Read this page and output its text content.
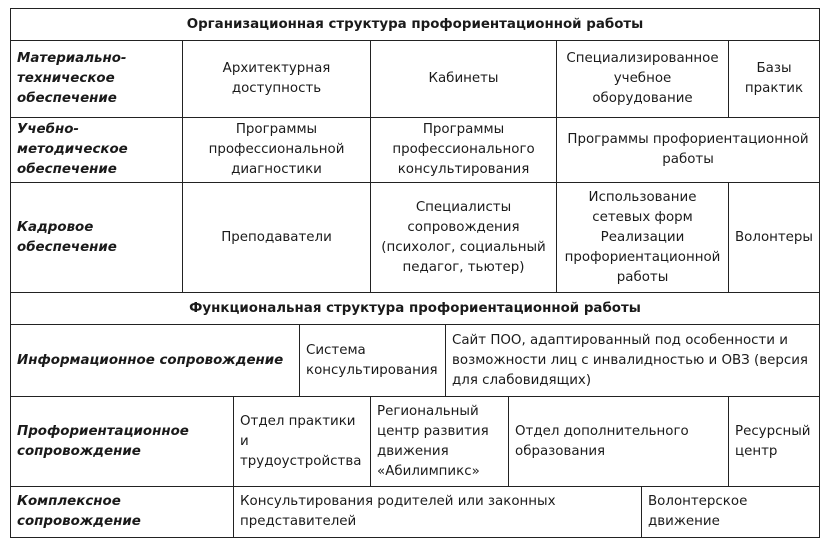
Организационная структура профориентационной работы
Материально-
техническое
обеспечение
Архитектурная
доступность
Кабинеты
Специализированное
учебное оборудование
Базы
практик
Учебно-методическое
обеспечение
Программы
профессиональной
диагностики
Программы
профессионального
консультирования
Программы профориентационной
работы
Кадровое
обеспечение
Преподаватели
Специалисты
сопровождения
(психолог, социальный
педагог, тьютер)
Использование
сетевых форм
Реализации
профориентационной
работы
Волонтеры
Функциональная структура профориентационной работы
Информационное сопровождение
Система
консультирования
Сайт ПОО, адаптированный под особенности и
возможности лиц с инвалидностью и ОВЗ (версия
для слабовидящих)
Профориентационное
сопровождение
Отдел практики и
трудоустройства
Региональный
центр развития
движения
«Абилимпикс»
Отдел дополнительного
образования
Ресурсный
центр
Комплексное сопровождение
Консультирования родителей или законных
представителей
Волонтерское
движение
